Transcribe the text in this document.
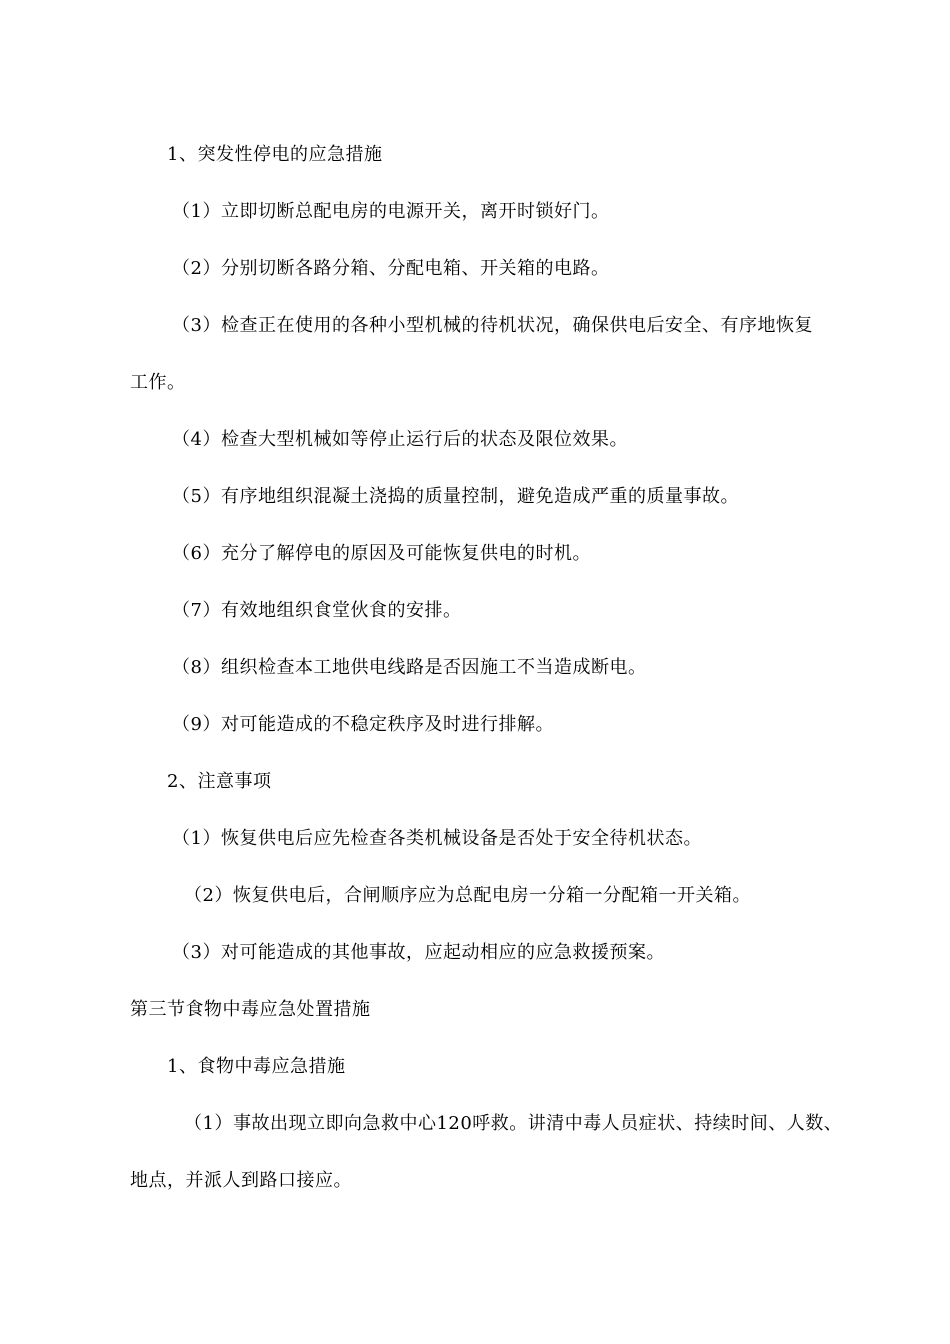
1、突发性停电的应急措施
（1）立即切断总配电房的电源开关，离开时锁好门。
（2）分别切断各路分箱、分配电箱、开关箱的电路。
（3）检查正在使用的各种小型机械的待机状况，确保供电后安全、有序地恢复
工作。
（4）检查大型机械如等停止运行后的状态及限位效果。
（5）有序地组织混凝土浇捣的质量控制，避免造成严重的质量事故。
（6）充分了解停电的原因及可能恢复供电的时机。
（7）有效地组织食堂伙食的安排。
（8）组织检查本工地供电线路是否因施工不当造成断电。
（9）对可能造成的不稳定秩序及时进行排解。
2、注意事项
（1）恢复供电后应先检查各类机械设备是否处于安全待机状态。
（2）恢复供电后，合闸顺序应为总配电房一分箱一分配箱一开关箱。
（3）对可能造成的其他事故，应起动相应的应急救援预案。
第三节食物中毒应急处置措施
1、食物中毒应急措施
（1）事故出现立即向急救中心120呼救。讲清中毒人员症状、持续时间、人数、
地点，并派人到路口接应。
